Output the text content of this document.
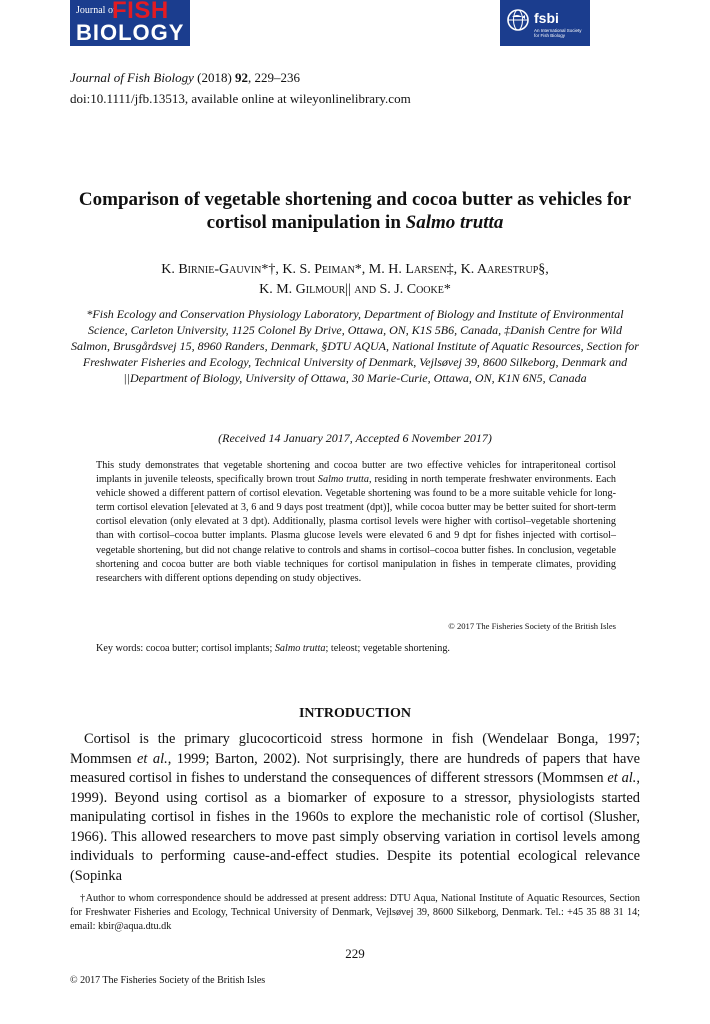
Journal of
FISH
BIOLOGY
fsbi
An International Society for Fish Biology
Journal of Fish Biology (2018) 92, 229–236
doi:10.1111/jfb.13513, available online at wileyonlinelibrary.com
Comparison of vegetable shortening and cocoa butter as vehicles for cortisol manipulation in Salmo trutta
K. Birnie-Gauvin*†, K. S. Peiman*, M. H. Larsen‡, K. Aarestrup§,
K. M. Gilmour|| and S. J. Cooke*
*Fish Ecology and Conservation Physiology Laboratory, Department of Biology and Institute of Environmental Science, Carleton University, 1125 Colonel By Drive, Ottawa, ON, K1S 5B6, Canada, ‡Danish Centre for Wild Salmon, Brusgårdsvej 15, 8960 Randers, Denmark, §DTU AQUA, National Institute of Aquatic Resources, Section for Freshwater Fisheries and Ecology, Technical University of Denmark, Vejlsøvej 39, 8600 Silkeborg, Denmark and ||Department of Biology, University of Ottawa, 30 Marie-Curie, Ottawa, ON, K1N 6N5, Canada
(Received 14 January 2017, Accepted 6 November 2017)
This study demonstrates that vegetable shortening and cocoa butter are two effective vehicles for intraperitoneal cortisol implants in juvenile teleosts, specifically brown trout Salmo trutta, residing in north temperate freshwater environments. Each vehicle showed a different pattern of cortisol elevation. Vegetable shortening was found to be a more suitable vehicle for long-term cortisol elevation [elevated at 3, 6 and 9 days post treatment (dpt)], while cocoa butter may be better suited for short-term cortisol elevation (only elevated at 3 dpt). Additionally, plasma cortisol levels were higher with cortisol–vegetable shortening than with cortisol–cocoa butter implants. Plasma glucose levels were elevated 6 and 9 dpt for fishes injected with cortisol–vegetable shortening, but did not change relative to controls and shams in cortisol–cocoa butter fishes. In conclusion, vegetable shortening and cocoa butter are both viable techniques for cortisol manipulation in fishes in temperate climates, providing researchers with different options depending on study objectives.
© 2017 The Fisheries Society of the British Isles
Key words: cocoa butter; cortisol implants; Salmo trutta; teleost; vegetable shortening.
INTRODUCTION
Cortisol is the primary glucocorticoid stress hormone in fish (Wendelaar Bonga, 1997; Mommsen et al., 1999; Barton, 2002). Not surprisingly, there are hundreds of papers that have measured cortisol in fishes to understand the consequences of different stressors (Mommsen et al., 1999). Beyond using cortisol as a biomarker of exposure to a stressor, physiologists started manipulating cortisol in fishes in the 1960s to explore the mechanistic role of cortisol (Slusher, 1966). This allowed researchers to move past simply observing variation in cortisol levels among individuals to performing cause-and-effect studies. Despite its potential ecological relevance (Sopinka
†Author to whom correspondence should be addressed at present address: DTU Aqua, National Institute of Aquatic Resources, Section for Freshwater Fisheries and Ecology, Technical University of Denmark, Vejlsøvej 39, 8600 Silkeborg, Denmark. Tel.: +45 35 88 31 14; email: kbir@aqua.dtu.dk
229
© 2017 The Fisheries Society of the British Isles
